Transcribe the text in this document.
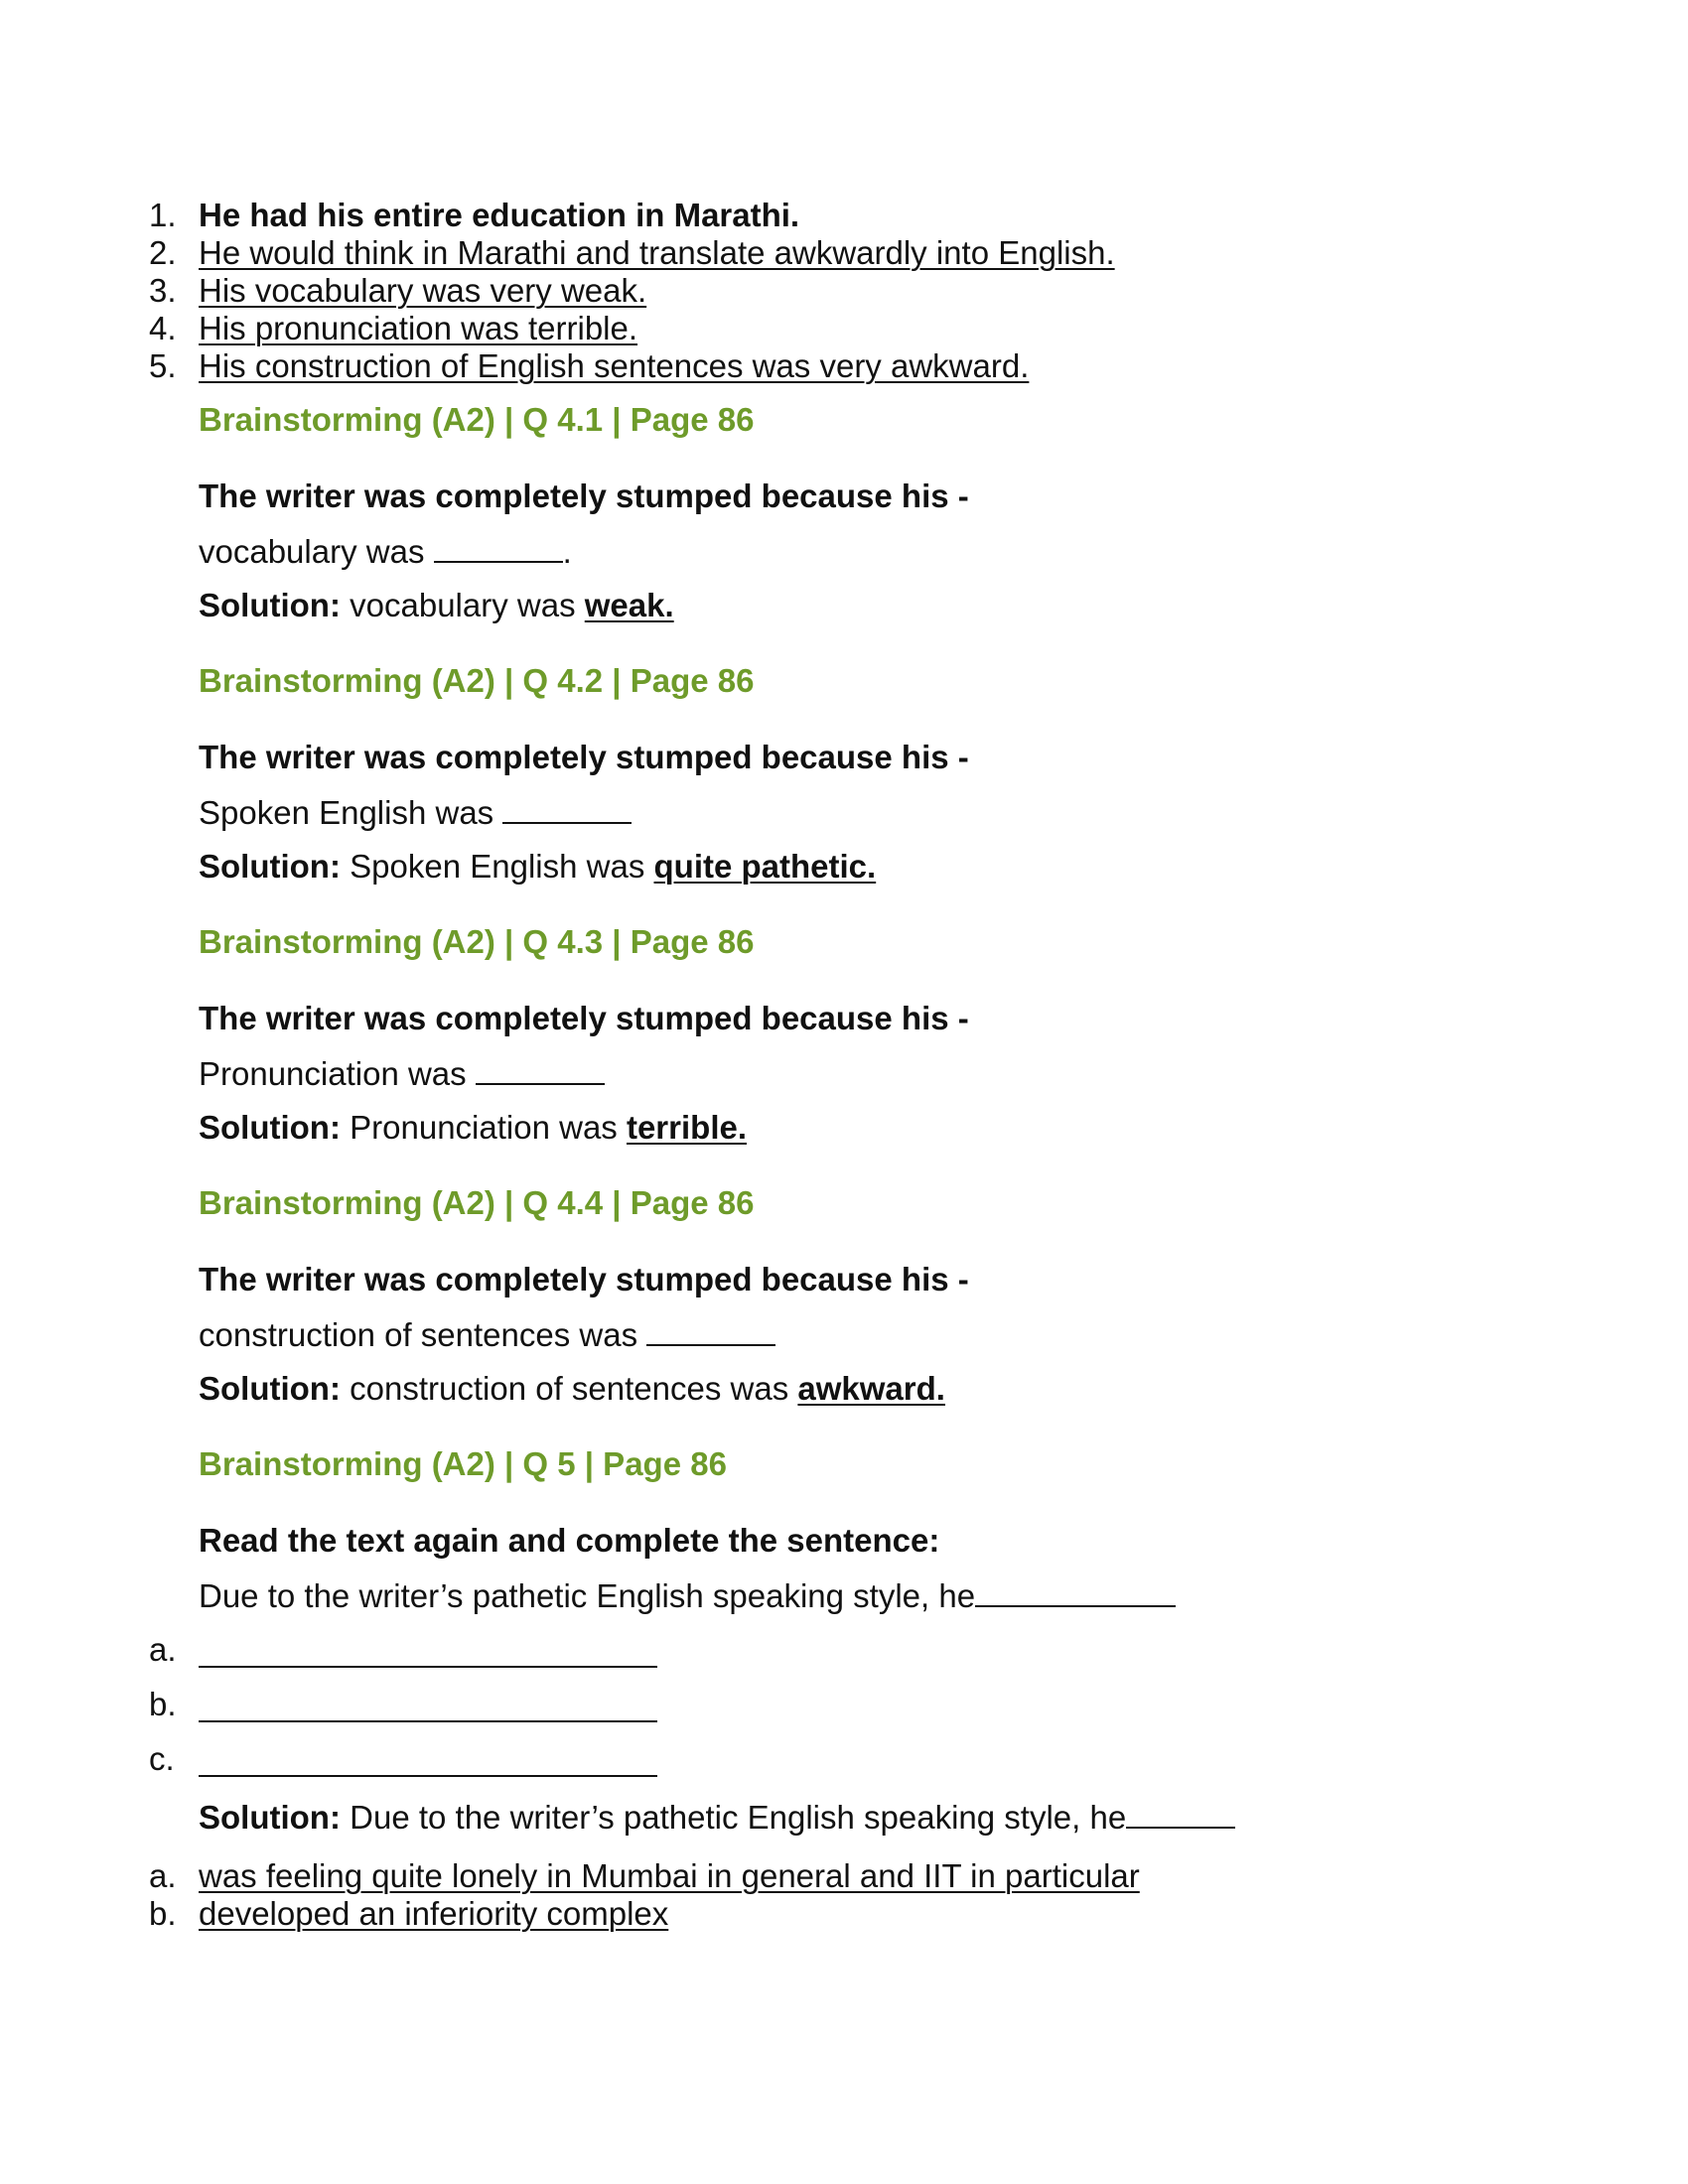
1. He had his entire education in Marathi.
2. He would think in Marathi and translate awkwardly into English.
3. His vocabulary was very weak.
4. His pronunciation was terrible.
5. His construction of English sentences was very awkward.
Brainstorming (A2) | Q 4.1 | Page 86
The writer was completely stumped because his -
vocabulary was	.
Solution: vocabulary was weak.
Brainstorming (A2) | Q 4.2 | Page 86
The writer was completely stumped because his -
Spoken English was
Solution: Spoken English was quite pathetic.
Brainstorming (A2) | Q 4.3 | Page 86
The writer was completely stumped because his -
Pronunciation was
Solution: Pronunciation was terrible.
Brainstorming (A2) | Q 4.4 | Page 86
The writer was completely stumped because his -
construction of sentences was
Solution: construction of sentences was awkward.
Brainstorming (A2) | Q 5 | Page 86
Read the text again and complete the sentence:
Due to the writer’s pathetic English speaking style, he
a.
b.
c.
Solution: Due to the writer’s pathetic English speaking style, he
a. was feeling quite lonely in Mumbai in general and IIT in particular
b. developed an inferiority complex
